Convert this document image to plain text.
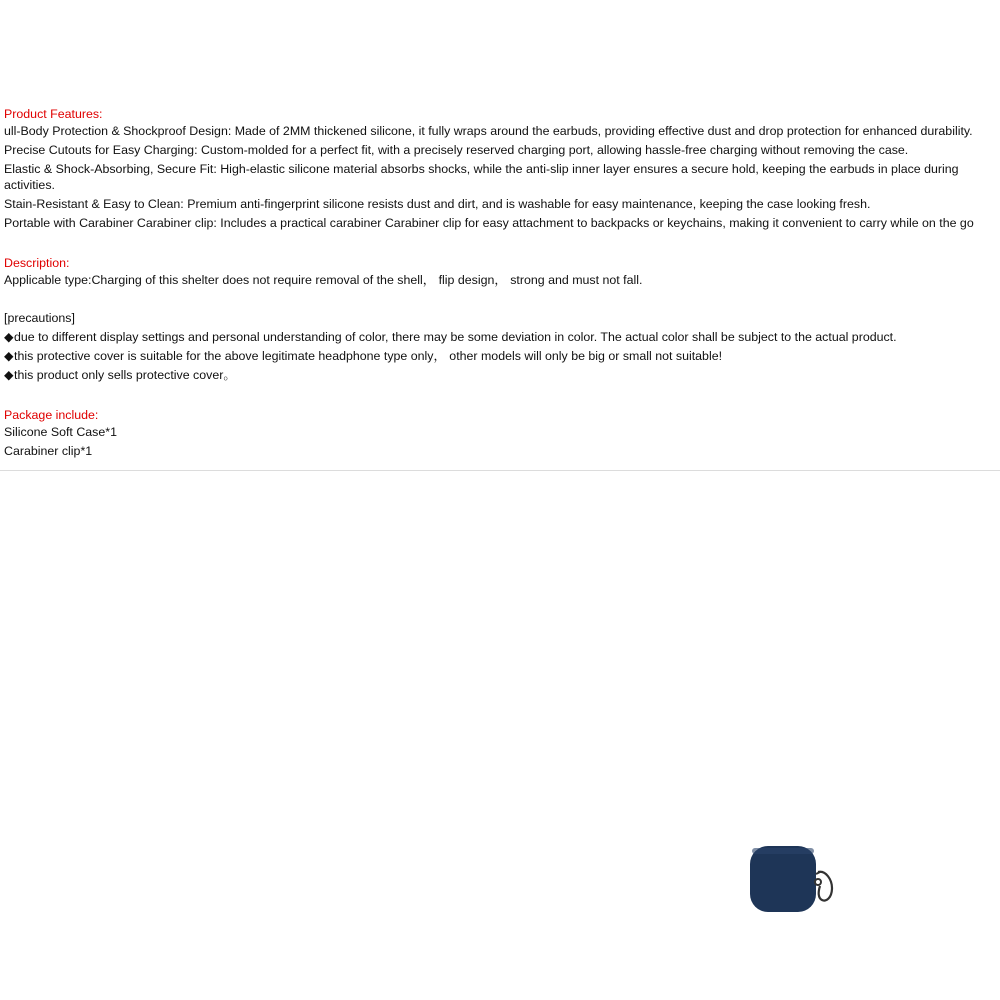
Product Features:
ull-Body Protection & Shockproof Design: Made of 2MM thickened silicone, it fully wraps around the earbuds, providing effective dust and drop protection for enhanced durability.
Precise Cutouts for Easy Charging: Custom-molded for a perfect fit, with a precisely reserved charging port, allowing hassle-free charging without removing the case.
Elastic & Shock-Absorbing, Secure Fit: High-elastic silicone material absorbs shocks, while the anti-slip inner layer ensures a secure hold, keeping the earbuds in place during activities.
Stain-Resistant & Easy to Clean: Premium anti-fingerprint silicone resists dust and dirt, and is washable for easy maintenance, keeping the case looking fresh.
Portable with Carabiner Carabiner clip: Includes a practical carabiner Carabiner clip for easy attachment to backpacks or keychains, making it convenient to carry while on the go
Description:
Applicable type:Charging of this shelter does not require removal of the shell， flip design， strong and must not fall.
[precautions]
◆due to different display settings and personal understanding of color, there may be some deviation in color. The actual color shall be subject to the actual product.
◆this protective cover is suitable for the above legitimate headphone type only， other models will only be big or small not suitable!
◆this product only sells protective cover。
Package include:
Silicone Soft Case*1
Carabiner clip*1
